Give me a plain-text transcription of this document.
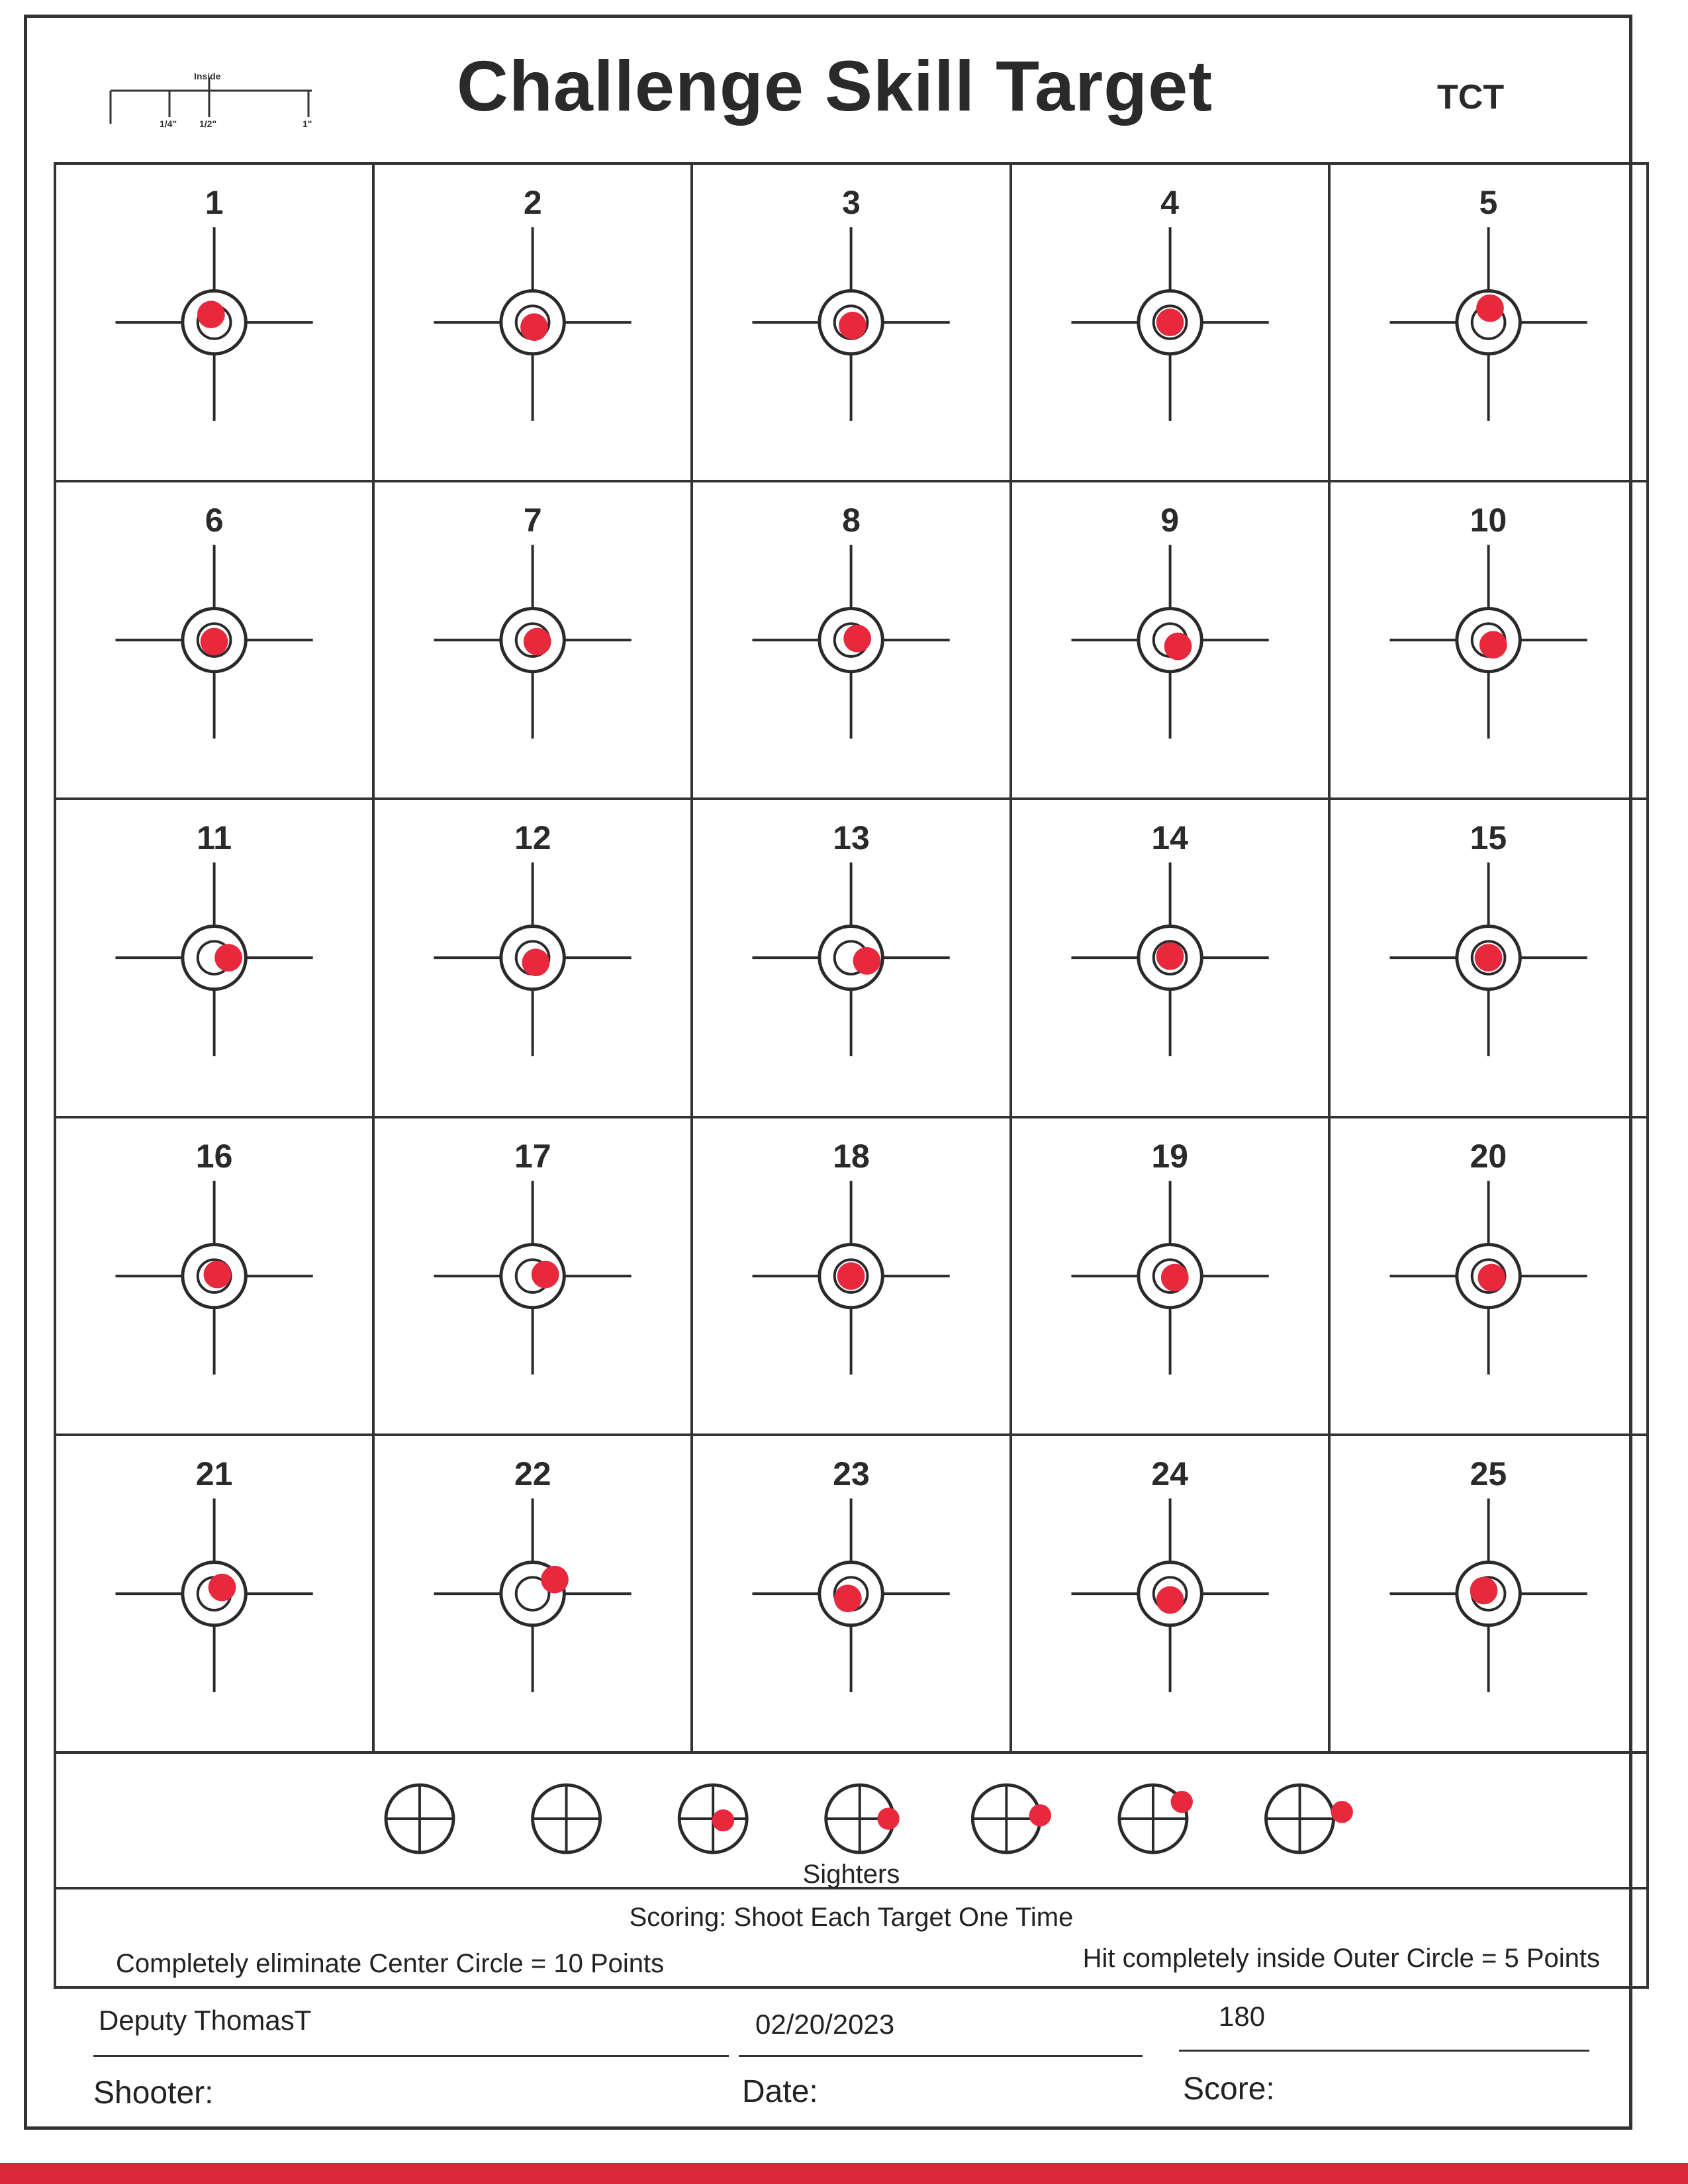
Challenge Skill Target	TCT
Inside
1/4" 1/2"	1"
1	2	3	4	5
6	7	8	9	10
11	12	13	14	15
16	17	18	19	20
21	22	23	24	25
Sighters
Scoring: Shoot Each Target One Time
Completely eliminate Center Circle = 10 Points	Hit completely inside Outer Circle = 5 Points
Deputy ThomasT
Shooter:
02/20/2023
Date:
180
Score:
